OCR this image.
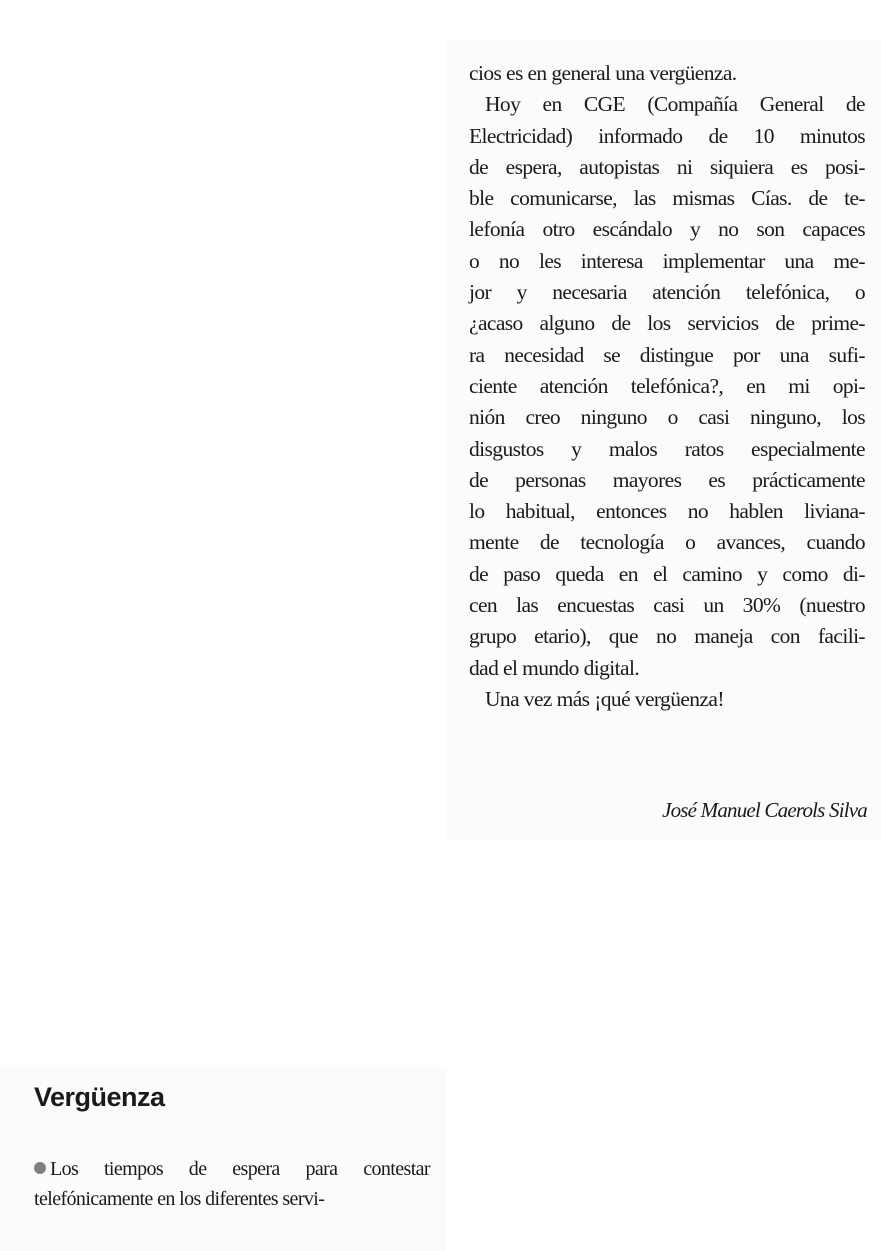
cios es en general una vergüenza.
Hoy en CGE (Compañía General de
Electricidad) informado de 10 minutos
de espera, autopistas ni siquiera es posi-
ble comunicarse, las mismas Cías. de te-
lefonía otro escándalo y no son capaces
o no les interesa implementar una me-
jor y necesaria atención telefónica, o
¿acaso alguno de los servicios de prime-
ra necesidad se distingue por una sufi-
ciente atención telefónica?, en mi opi-
nión creo ninguno o casi ninguno, los
disgustos y malos ratos especialmente
de personas mayores es prácticamente
lo habitual, entonces no hablen liviana-
mente de tecnología o avances, cuando
de paso queda en el camino y como di-
cen las encuestas casi un 30% (nuestro
grupo etario), que no maneja con facili-
dad el mundo digital.
Una vez más ¡qué vergüenza!
José Manuel Caerols Silva
Vergüenza
Los tiempos de espera para contestar
telefónicamente en los diferentes servi-
